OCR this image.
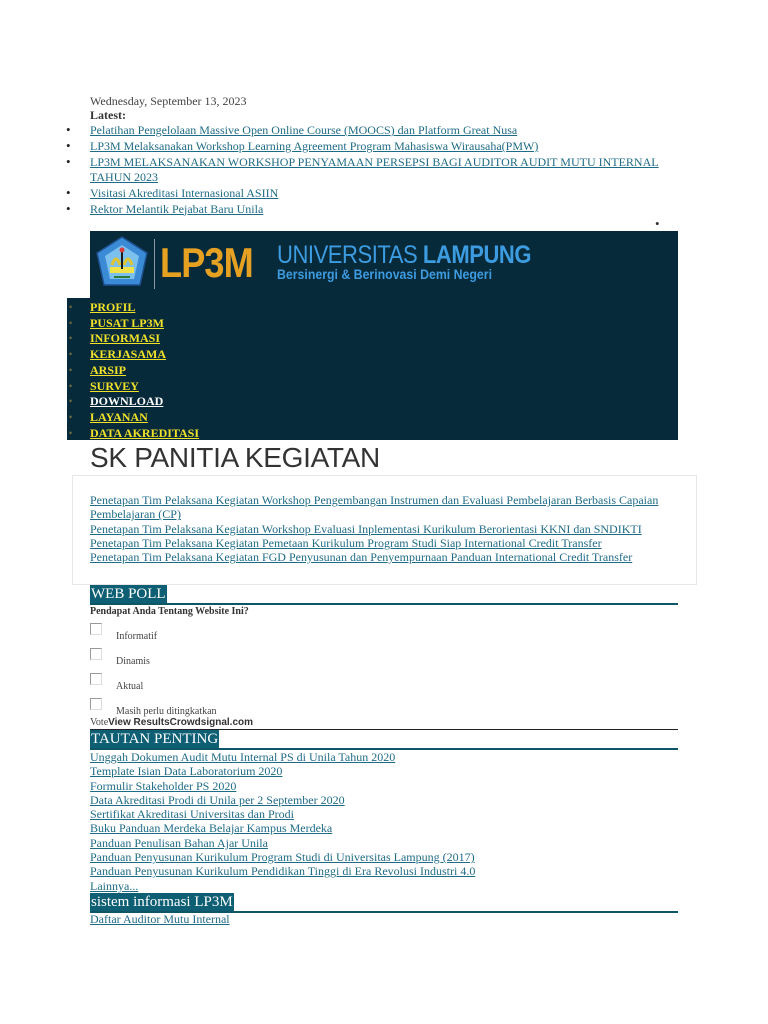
Wednesday, September 13, 2023
Latest:
• Pelatihan Pengelolaan Massive Open Online Course (MOOCS) dan Platform Great Nusa
• LP3M Melaksanakan Workshop Learning Agreement Program Mahasiswa Wirausaha(PMW)
• LP3M MELAKSANAKAN WORKSHOP PENYAMAAN PERSEPSI BAGI AUDITOR AUDIT MUTU INTERNAL TAHUN 2023
• Visitasi Akreditasi Internasional ASIIN
• Rektor Melantik Pejabat Baru Unila
•
LP3M UNIVERSITAS LAMPUNG
Bersinergi & Berinovasi Demi Negeri
• PROFIL
• PUSAT LP3M
• INFORMASI
• KERJASAMA
• ARSIP
• SURVEY
• DOWNLOAD
• LAYANAN
• DATA AKREDITASI
SK PANITIA KEGIATAN
Penetapan Tim Pelaksana Kegiatan Workshop Pengembangan Instrumen dan Evaluasi Pembelajaran Berbasis Capaian Pembelajaran (CP)
Penetapan Tim Pelaksana Kegiatan Workshop Evaluasi Inplementasi Kurikulum Berorientasi KKNI dan SNDIKTI
Penetapan Tim Pelaksana Kegiatan Pemetaan Kurikulum Program Studi Siap International Credit Transfer
Penetapan Tim Pelaksana Kegiatan FGD Penyusunan dan Penyempurnaan Panduan International Credit Transfer
WEB POLL
Pendapat Anda Tentang Website Ini?
Informatif
Dinamis
Aktual
Masih perlu ditingkatkan
VoteView ResultsCrowdsignal.com
TAUTAN PENTING
Unggah Dokumen Audit Mutu Internal PS di Unila Tahun 2020
Template Isian Data Laboratorium 2020
Formulir Stakeholder PS 2020
Data Akreditasi Prodi di Unila per 2 September 2020
Sertifikat Akreditasi Universitas dan Prodi
Buku Panduan Merdeka Belajar Kampus Merdeka
Panduan Penulisan Bahan Ajar Unila
Panduan Penyusunan Kurikulum Program Studi di Universitas Lampung (2017)
Panduan Penyusunan Kurikulum Pendidikan Tinggi di Era Revolusi Industri 4.0
Lainnya...
sistem informasi LP3M
Daftar Auditor Mutu Internal
